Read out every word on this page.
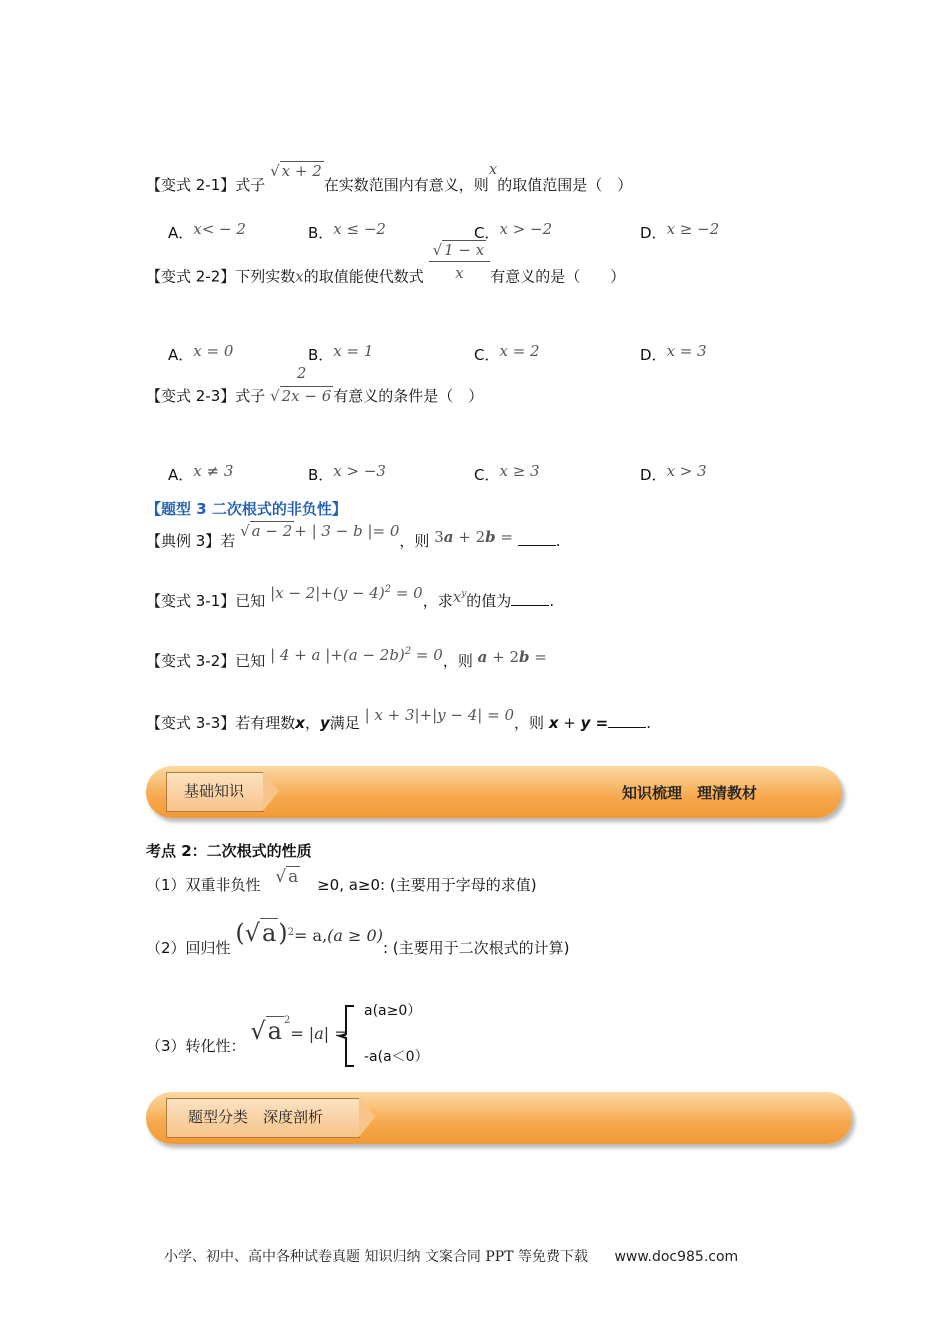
【变式 2-1】式子 √ x + 2在实数范围内有意义，则x的取值范围是（　）
A．x< − 2	B．x ≤ −2	C．x > −2	D．x ≥ −2
【变式 2-2】下列实数x的取值能使代数式 $\frac{√ 1 - x}{x}$ 有意义的是（　　）
A．x = 0	B．x = 1	C．x = 2	D．x = 3
【变式 2-3】式子
2
√ 2x − 6 有意义的条件是（　）
A．x ≠ 3	B．x > −3	C．x ≥ 3	D．x > 3
【题型 3 二次根式的非负性】
【典例 3】若 √ a − 2 + | 3 − b |= 0，则 3a + 2b =	.
【变式 3-1】已知 $|x - 2|+(y - 4)^2 = 0$，求$x^y$的值为	.
【变式 3-2】已知 | 4 + a $|+(a - 2b)^2 = 0$，则 a + 2b =
【变式 3-3】若有理数x，y满足 | x + 3|+|y − 4| = 0，则 x + y =	.
基础知识	知识梳理　理清教材
考点 2：二次根式的性质
（1）双重非负性 √ a ≥0, a≥0: (主要用于字母的求值)
（2）回归性 $(√a)^2= a,(a \ge 0)$: (主要用于二次根式的计算)
（3）转化性： √a $^2$= |a| =
a(a≥0）
-a(a＜0）
题型分类　深度剖析
小学、初中、高中各种试卷真题 知识归纳 文案合同 PPT 等免费下载 www.doc985.com
